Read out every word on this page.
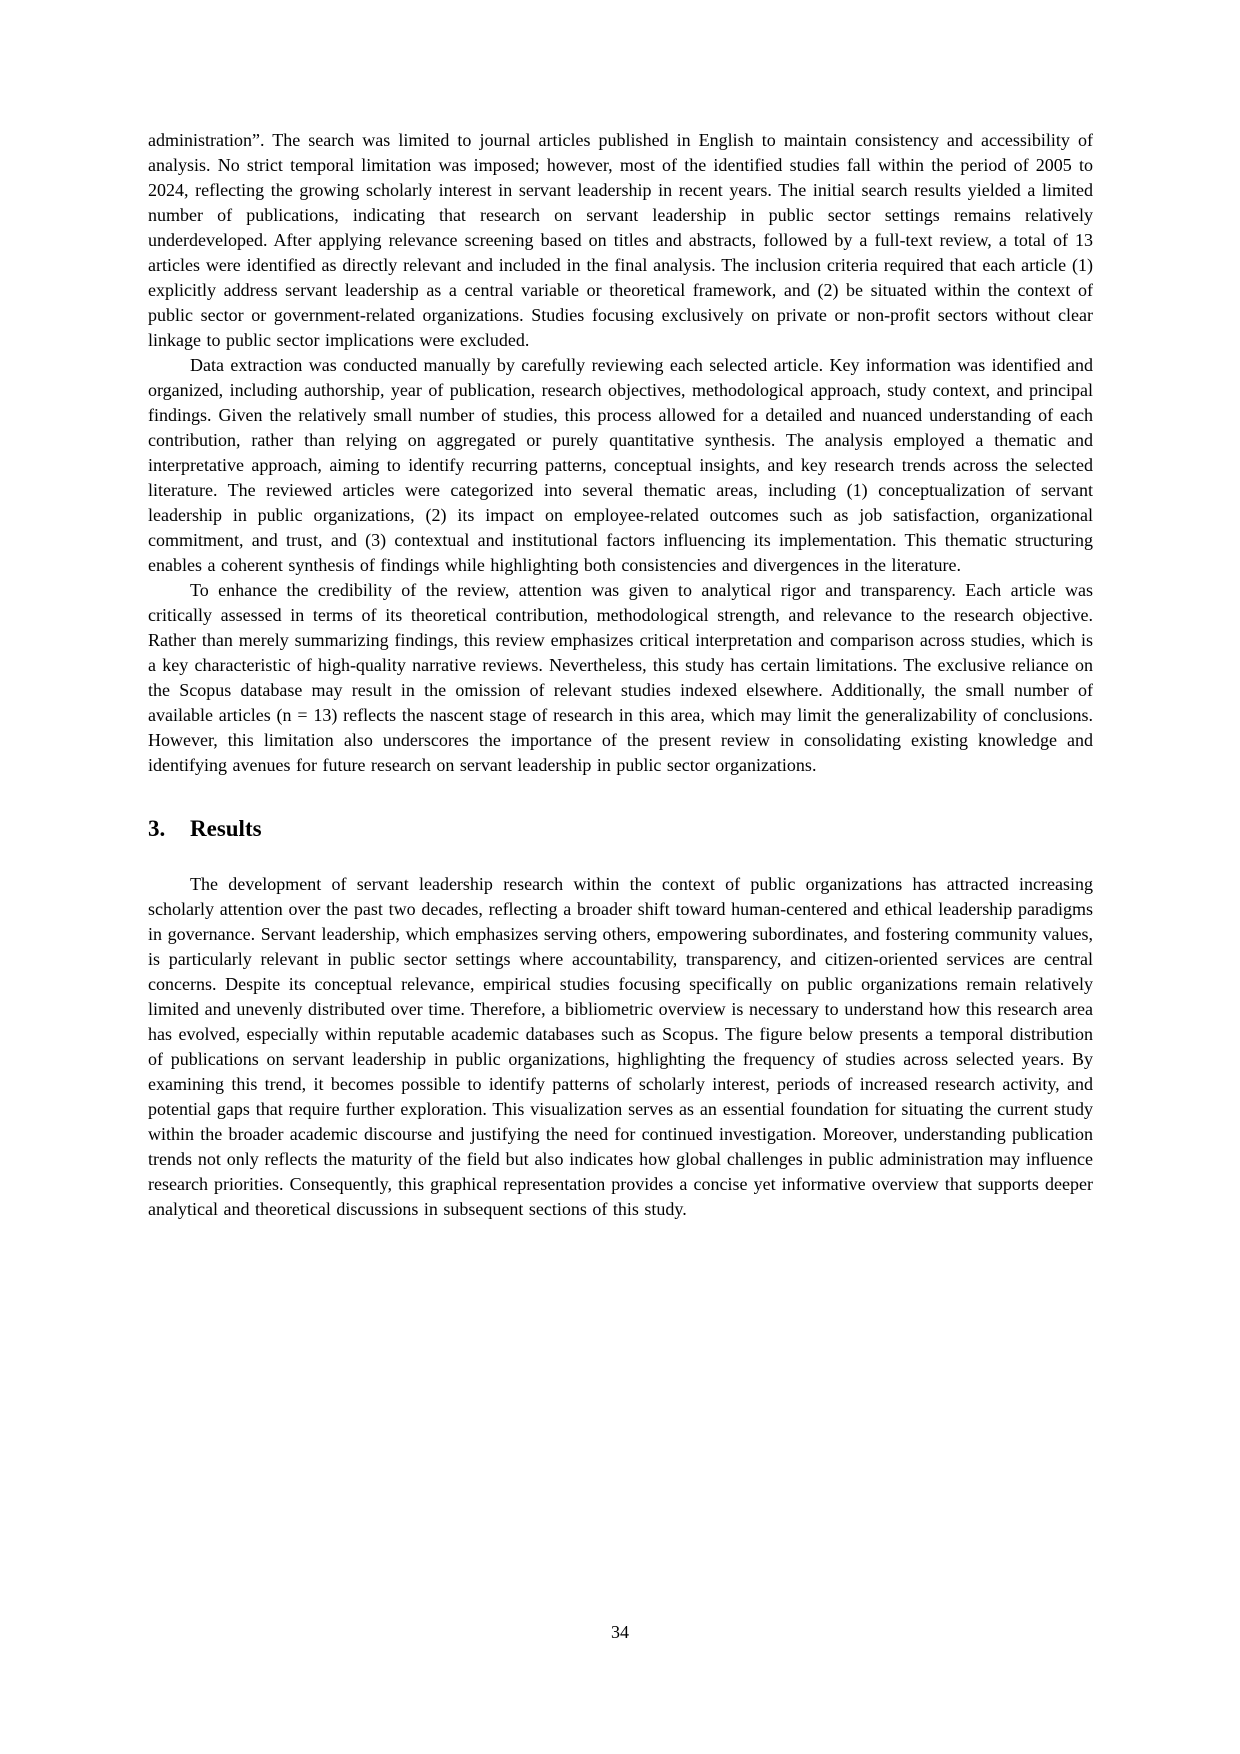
administration”. The search was limited to journal articles published in English to maintain consistency and accessibility of analysis. No strict temporal limitation was imposed; however, most of the identified studies fall within the period of 2005 to 2024, reflecting the growing scholarly interest in servant leadership in recent years. The initial search results yielded a limited number of publications, indicating that research on servant leadership in public sector settings remains relatively underdeveloped. After applying relevance screening based on titles and abstracts, followed by a full-text review, a total of 13 articles were identified as directly relevant and included in the final analysis. The inclusion criteria required that each article (1) explicitly address servant leadership as a central variable or theoretical framework, and (2) be situated within the context of public sector or government-related organizations. Studies focusing exclusively on private or non-profit sectors without clear linkage to public sector implications were excluded.

Data extraction was conducted manually by carefully reviewing each selected article. Key information was identified and organized, including authorship, year of publication, research objectives, methodological approach, study context, and principal findings. Given the relatively small number of studies, this process allowed for a detailed and nuanced understanding of each contribution, rather than relying on aggregated or purely quantitative synthesis. The analysis employed a thematic and interpretative approach, aiming to identify recurring patterns, conceptual insights, and key research trends across the selected literature. The reviewed articles were categorized into several thematic areas, including (1) conceptualization of servant leadership in public organizations, (2) its impact on employee-related outcomes such as job satisfaction, organizational commitment, and trust, and (3) contextual and institutional factors influencing its implementation. This thematic structuring enables a coherent synthesis of findings while highlighting both consistencies and divergences in the literature.

To enhance the credibility of the review, attention was given to analytical rigor and transparency. Each article was critically assessed in terms of its theoretical contribution, methodological strength, and relevance to the research objective. Rather than merely summarizing findings, this review emphasizes critical interpretation and comparison across studies, which is a key characteristic of high-quality narrative reviews. Nevertheless, this study has certain limitations. The exclusive reliance on the Scopus database may result in the omission of relevant studies indexed elsewhere. Additionally, the small number of available articles (n = 13) reflects the nascent stage of research in this area, which may limit the generalizability of conclusions. However, this limitation also underscores the importance of the present review in consolidating existing knowledge and identifying avenues for future research on servant leadership in public sector organizations.

3. Results

The development of servant leadership research within the context of public organizations has attracted increasing scholarly attention over the past two decades, reflecting a broader shift toward human-centered and ethical leadership paradigms in governance. Servant leadership, which emphasizes serving others, empowering subordinates, and fostering community values, is particularly relevant in public sector settings where accountability, transparency, and citizen-oriented services are central concerns. Despite its conceptual relevance, empirical studies focusing specifically on public organizations remain relatively limited and unevenly distributed over time. Therefore, a bibliometric overview is necessary to understand how this research area has evolved, especially within reputable academic databases such as Scopus. The figure below presents a temporal distribution of publications on servant leadership in public organizations, highlighting the frequency of studies across selected years. By examining this trend, it becomes possible to identify patterns of scholarly interest, periods of increased research activity, and potential gaps that require further exploration. This visualization serves as an essential foundation for situating the current study within the broader academic discourse and justifying the need for continued investigation. Moreover, understanding publication trends not only reflects the maturity of the field but also indicates how global challenges in public administration may influence research priorities. Consequently, this graphical representation provides a concise yet informative overview that supports deeper analytical and theoretical discussions in subsequent sections of this study.

34
